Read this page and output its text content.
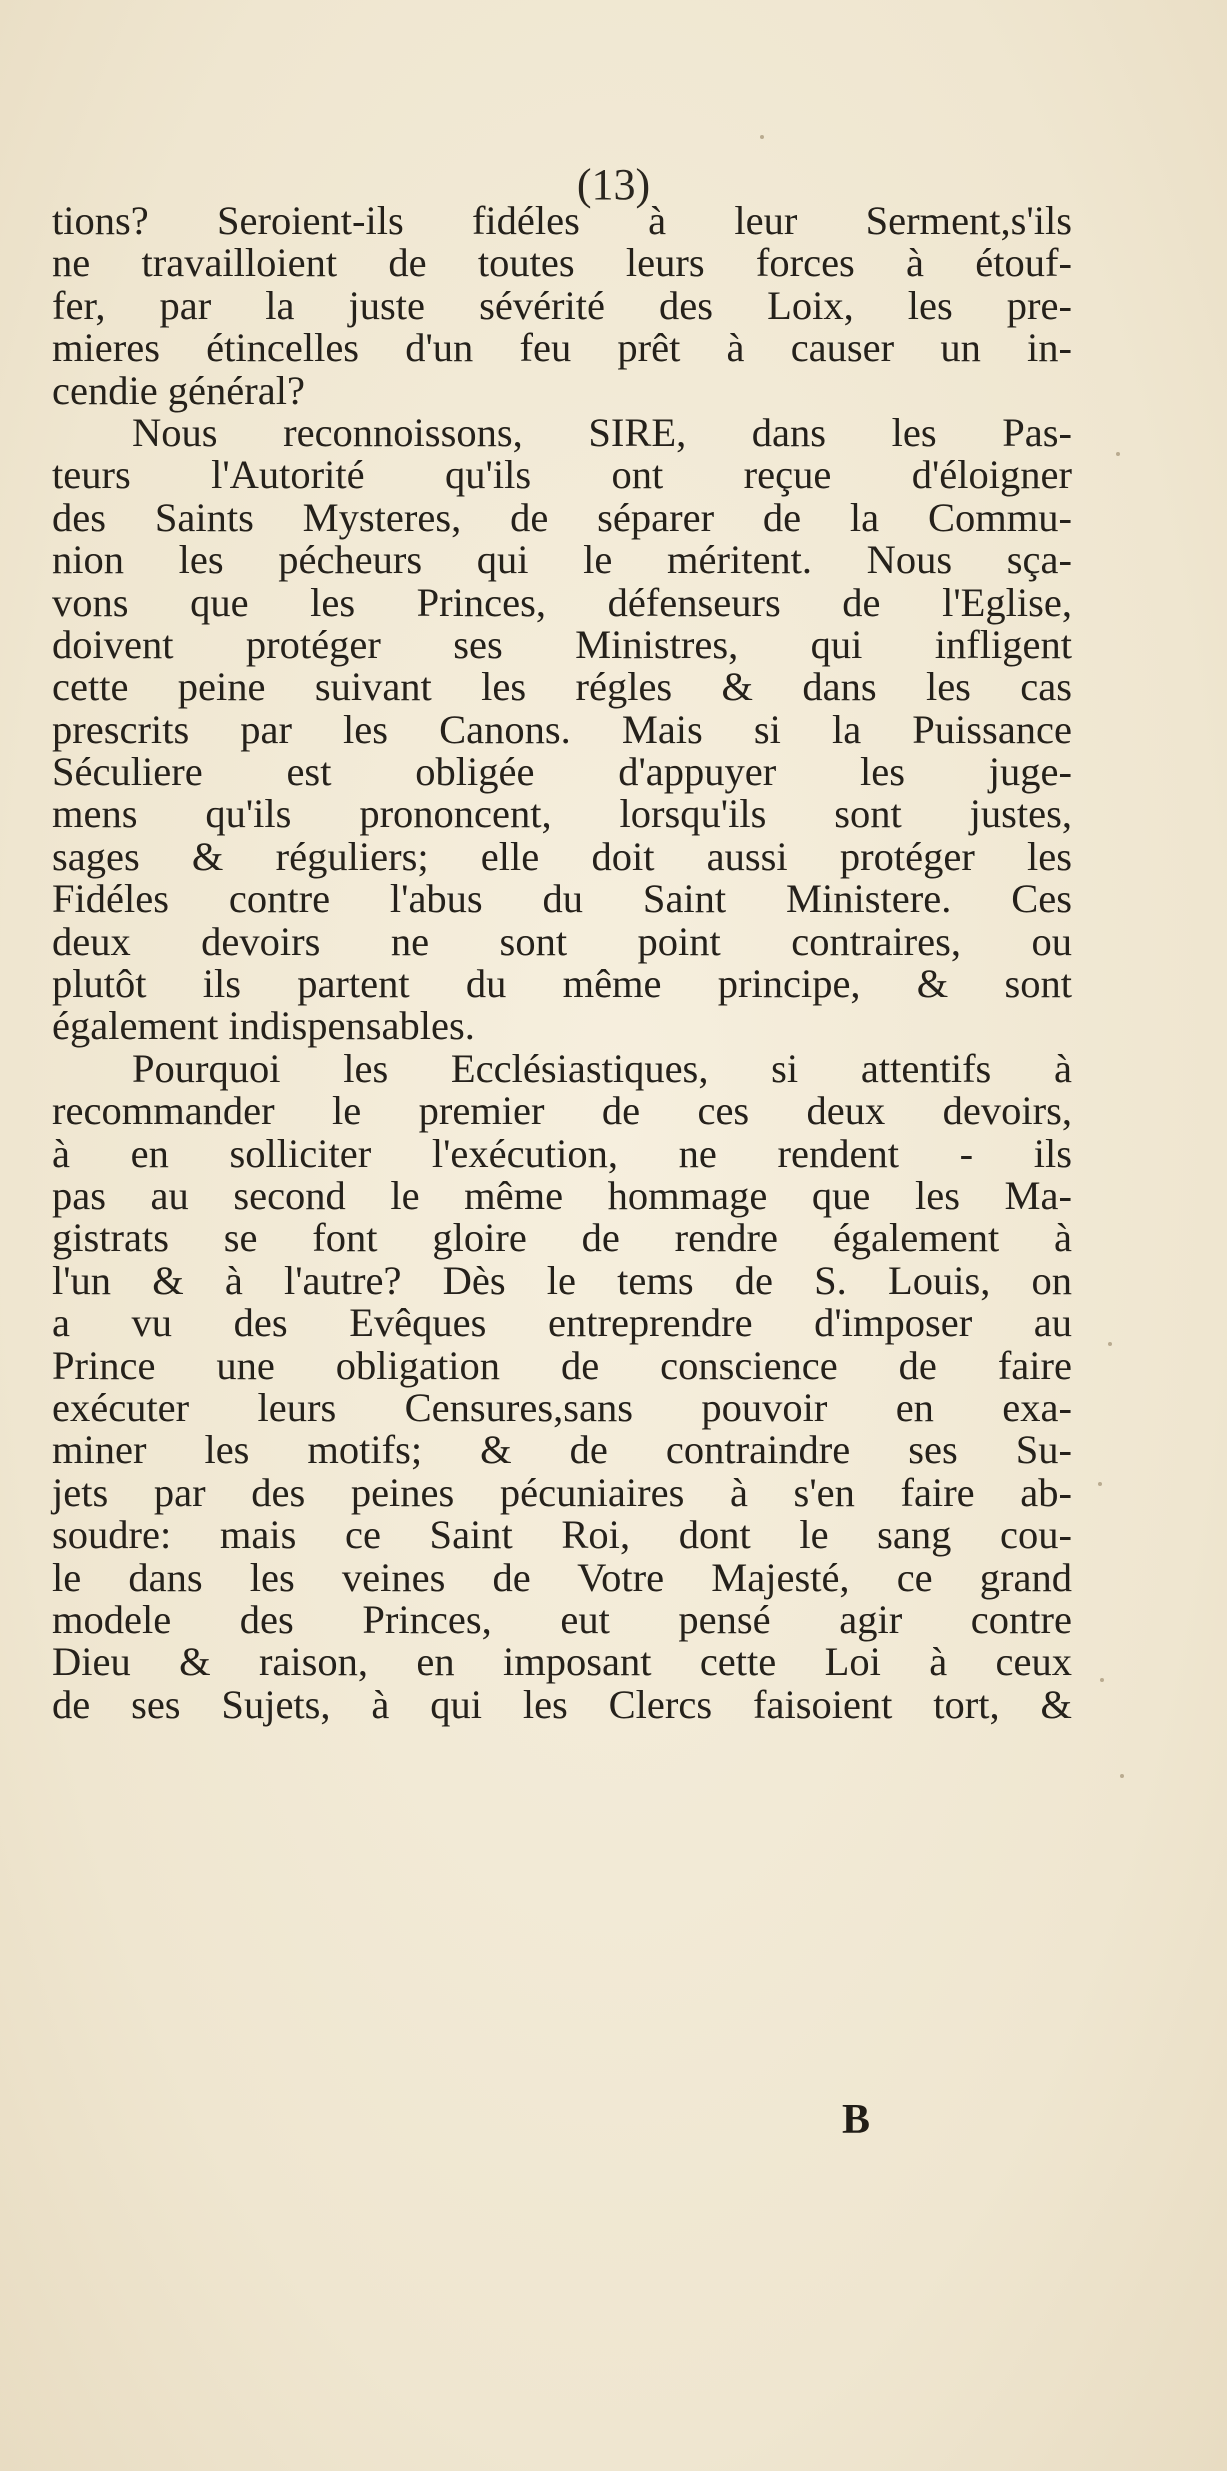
(13)
tions? Seroient-ils fidéles à leur Serment,s'ils
ne travailloient de toutes leurs forces à étouf-
fer, par la juste sévérité des Loix, les pre-
mieres étincelles d'un feu prêt à causer un in-
cendie général?
Nous reconnoissons, SIRE, dans les Pas-
teurs l'Autorité qu'ils ont reçue d'éloigner
des Saints Mysteres, de séparer de la Commu-
nion les pécheurs qui le méritent. Nous sça-
vons que les Princes, défenseurs de l'Eglise,
doivent protéger ses Ministres, qui infligent
cette peine suivant les régles & dans les cas
prescrits par les Canons. Mais si la Puissance
Séculiere est obligée d'appuyer les juge-
mens qu'ils prononcent, lorsqu'ils sont justes,
sages & réguliers; elle doit aussi protéger les
Fidéles contre l'abus du Saint Ministere. Ces
deux devoirs ne sont point contraires, ou
plutôt ils partent du même principe, & sont
également indispensables.
Pourquoi les Ecclésiastiques, si attentifs à
recommander le premier de ces deux devoirs,
à en solliciter l'exécution, ne rendent - ils
pas au second le même hommage que les Ma-
gistrats se font gloire de rendre également à
l'un & à l'autre? Dès le tems de S. Louis, on
a vu des Evêques entreprendre d'imposer au
Prince une obligation de conscience de faire
exécuter leurs Censures,sans pouvoir en exa-
miner les motifs; & de contraindre ses Su-
jets par des peines pécuniaires à s'en faire ab-
soudre: mais ce Saint Roi, dont le sang cou-
le dans les veines de Votre Majesté, ce grand
modele des Princes, eut pensé agir contre
Dieu & raison, en imposant cette Loi à ceux
de ses Sujets, à qui les Clercs faisoient tort, &
B
